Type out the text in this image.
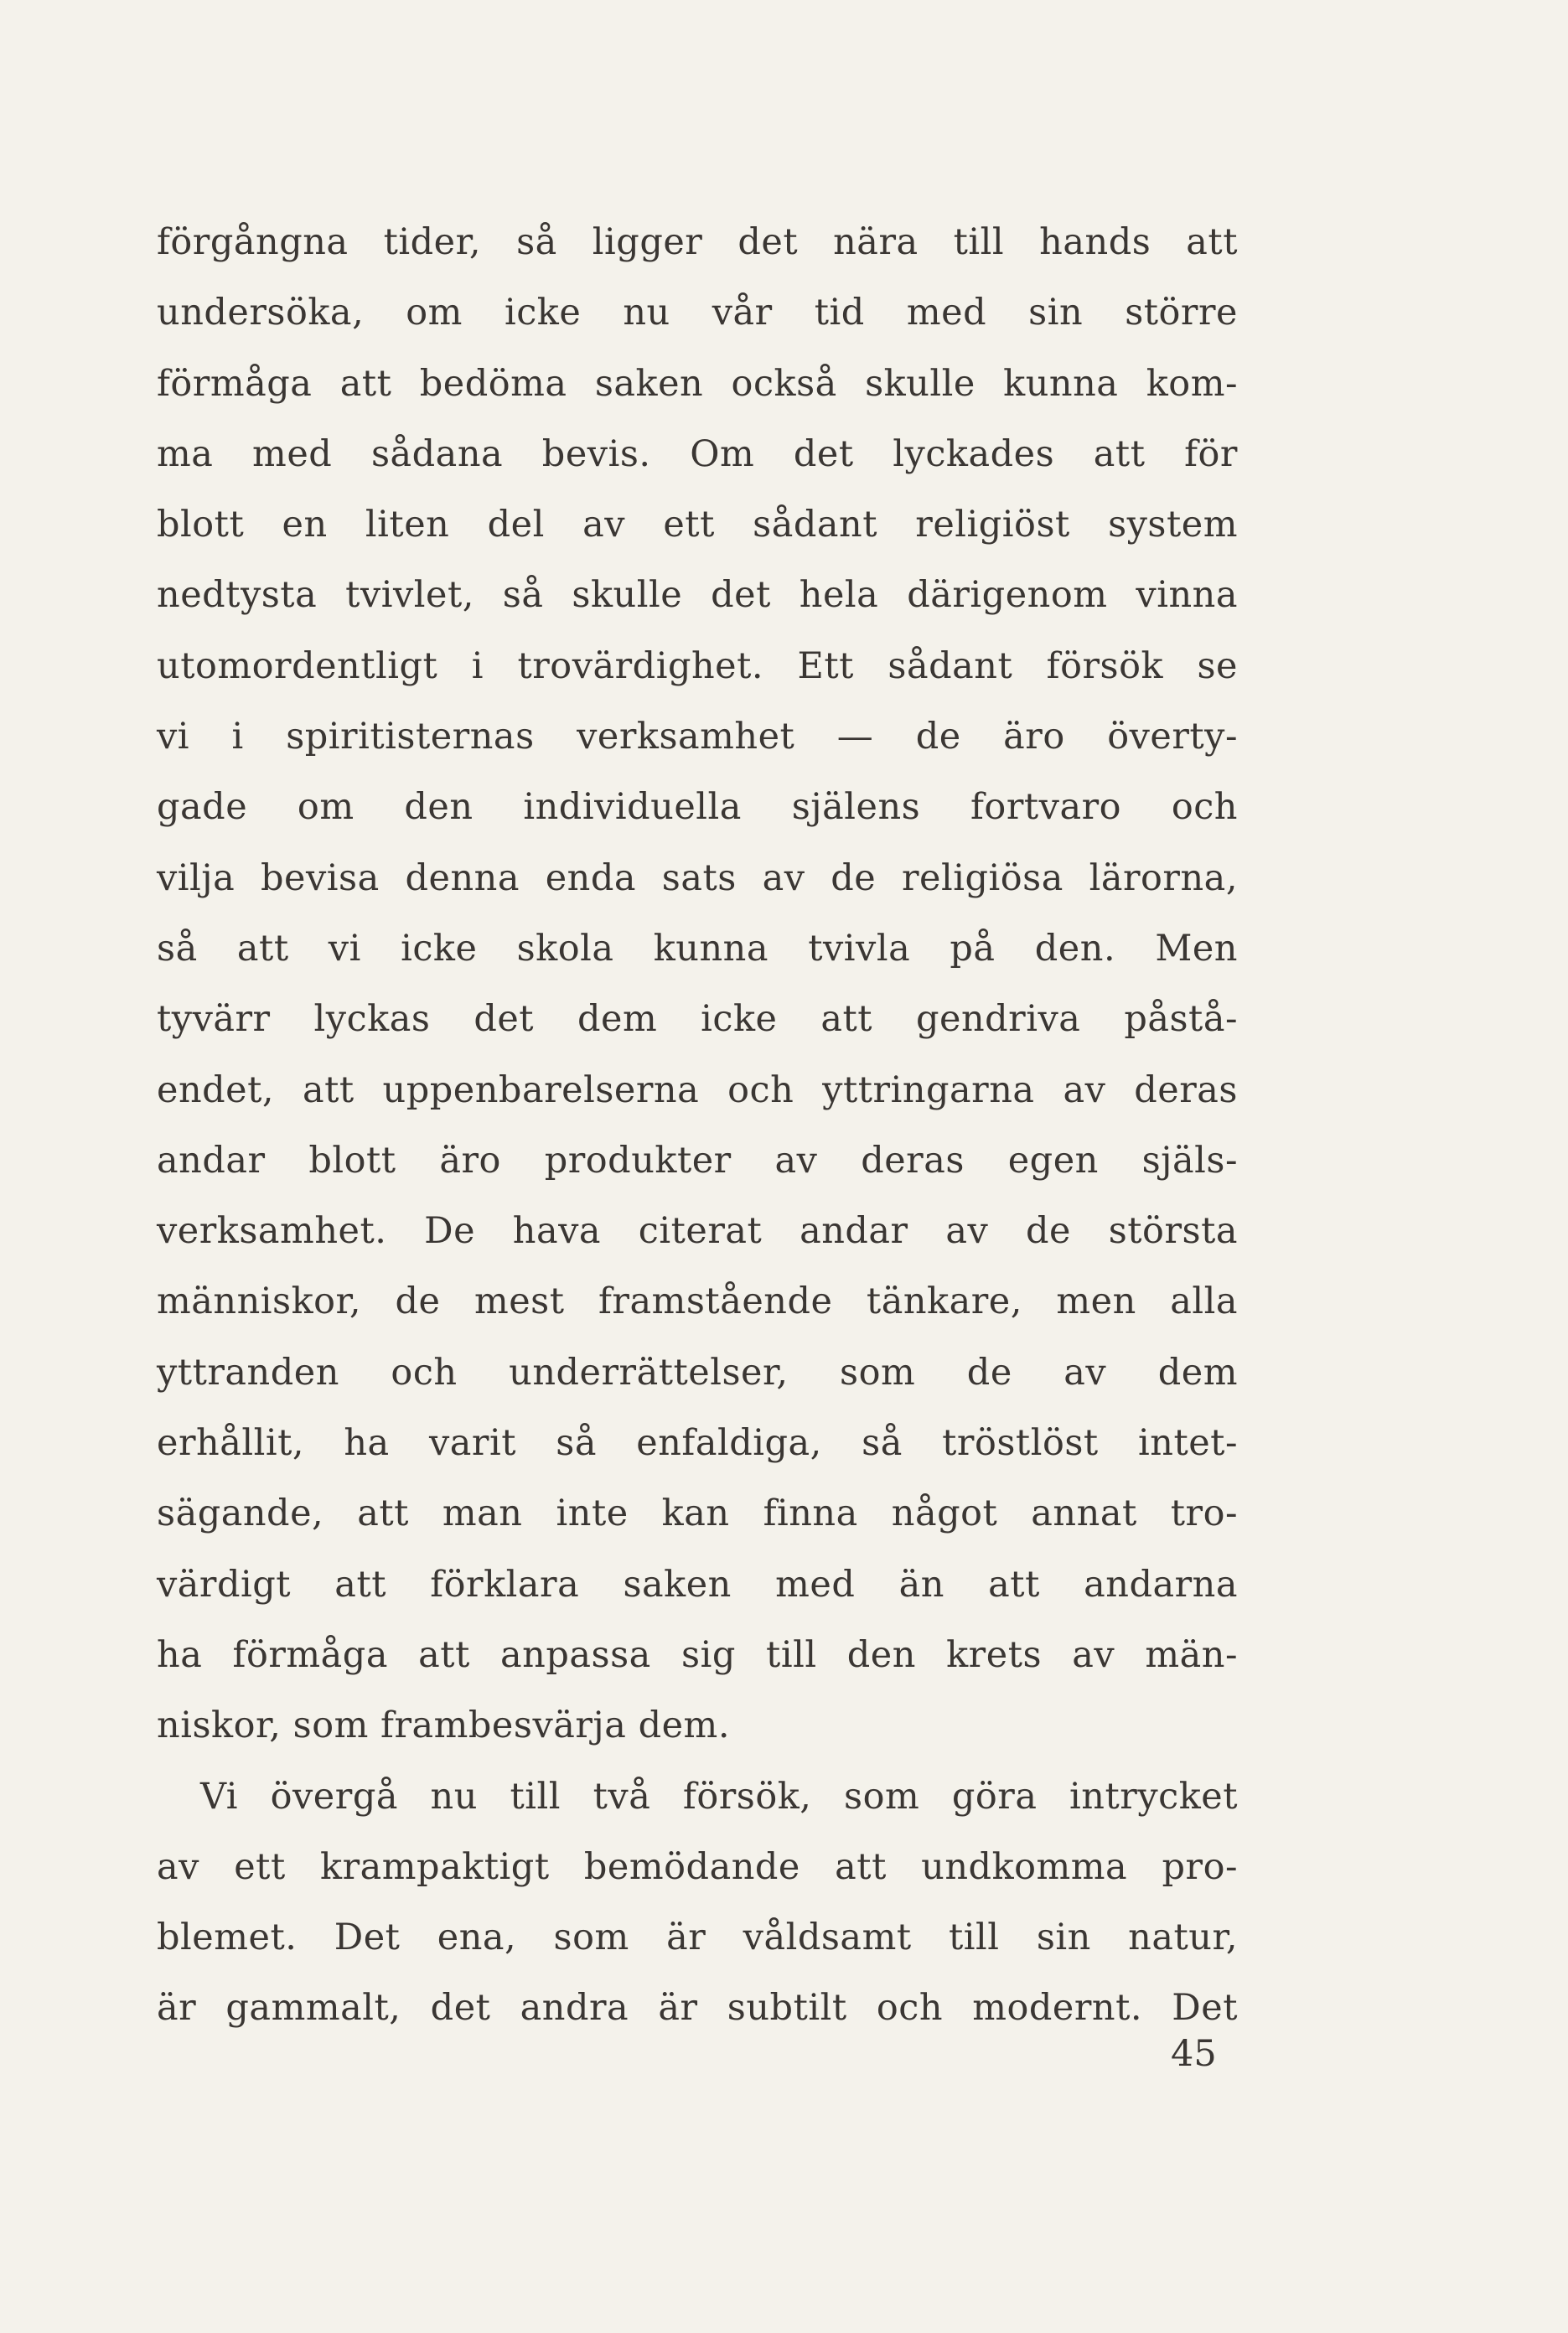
förgångna tider, så ligger det nära till hands att
undersöka, om icke nu vår tid med sin större
förmåga att bedöma saken också skulle kunna kom-
ma med sådana bevis. Om det lyckades att för
blott en liten del av ett sådant religiöst system
nedtysta tvivlet, så skulle det hela därigenom vinna
utomordentligt i trovärdighet. Ett sådant försök se
vi i spiritisternas verksamhet — de äro överty-
gade om den individuella själens fortvaro och
vilja bevisa denna enda sats av de religiösa lärorna,
så att vi icke skola kunna tvivla på den. Men
tyvärr lyckas det dem icke att gendriva påstå-
endet, att uppenbarelserna och yttringarna av deras
andar blott äro produkter av deras egen själs-
verksamhet. De hava citerat andar av de största
människor, de mest framstående tänkare, men alla
yttranden och underrättelser, som de av dem
erhållit, ha varit så enfaldiga, så tröstlöst intet-
sägande, att man inte kan finna något annat tro-
värdigt att förklara saken med än att andarna
ha förmåga att anpassa sig till den krets av män-
niskor, som frambesvärja dem.
Vi övergå nu till två försök, som göra intrycket
av ett krampaktigt bemödande att undkomma pro-
blemet. Det ena, som är våldsamt till sin natur,
är gammalt, det andra är subtilt och modernt. Det
45
